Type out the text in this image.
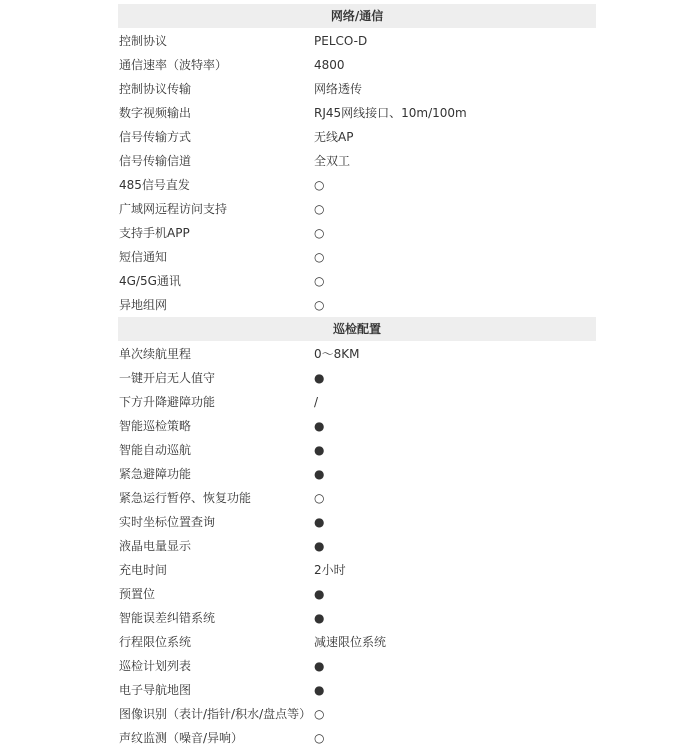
网络/通信	
控制协议	PELCO-D
通信速率（波特率）	4800
控制协议传输	网络透传
数字视频输出	RJ45网线接口、10m/100m
信号传输方式	无线AP
信号传输信道	全双工
485信号直发	○
广域网远程访问支持	○
支持手机APP	○
短信通知	○
4G/5G通讯	○
异地组网	○
巡检配置	
单次续航里程	0～8KM
一键开启无人值守	●
下方升降避障功能	/
智能巡检策略	●
智能自动巡航	●
紧急避障功能	●
紧急运行暂停、恢复功能	○
实时坐标位置查询	●
液晶电量显示	●
充电时间	2小时
预置位	●
智能误差纠错系统	●
行程限位系统	减速限位系统
巡检计划列表	●
电子导航地图	●
图像识别（表计/指针/积水/盘点等）	○
声纹监测（噪音/异响）	○
